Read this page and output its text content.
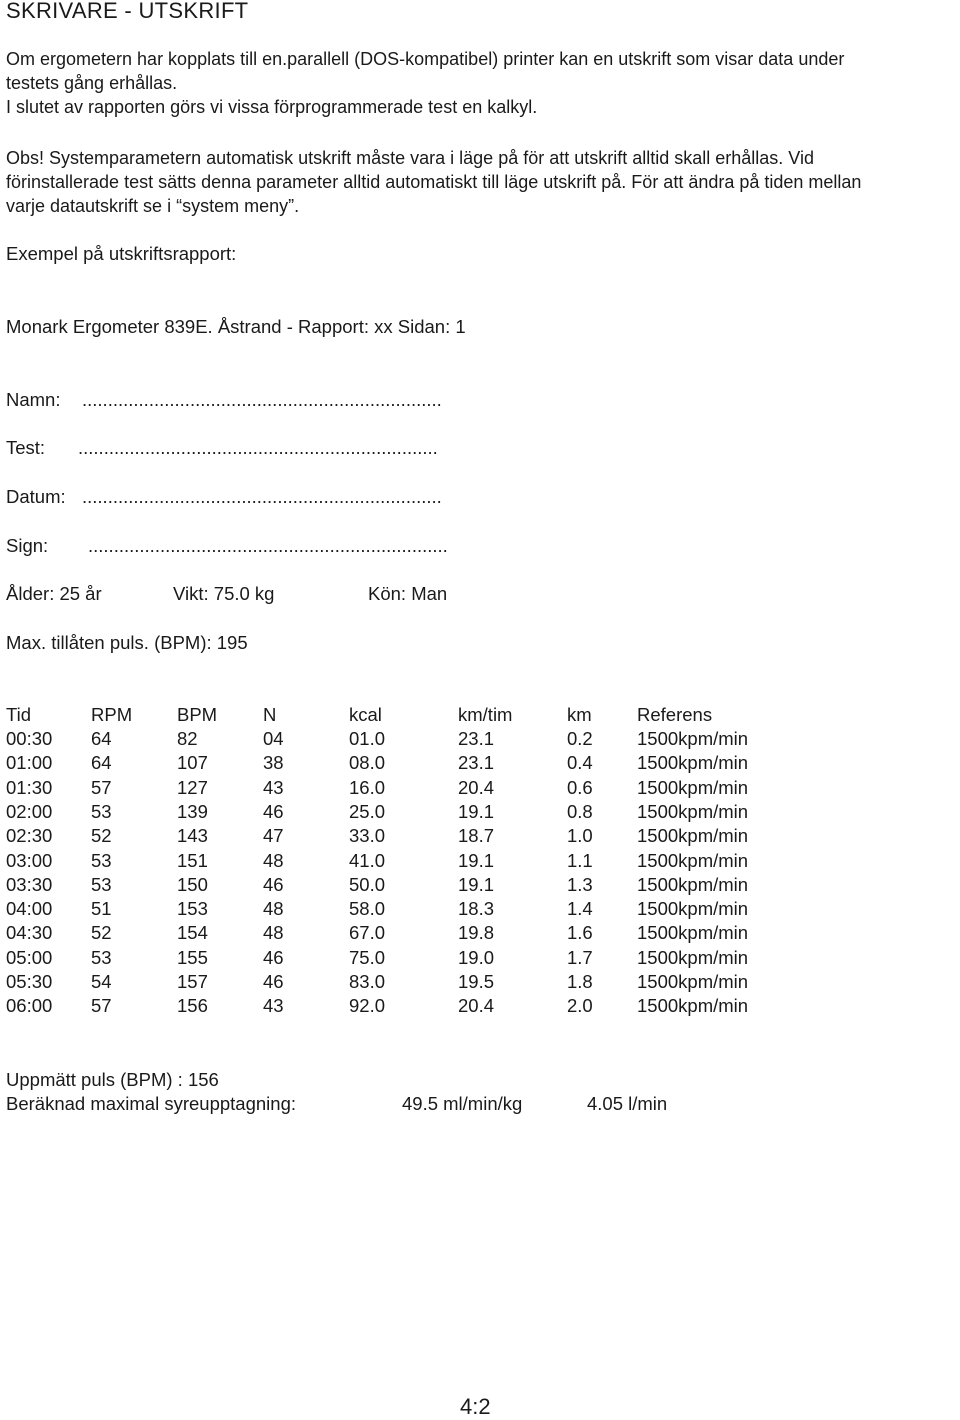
SKRIVARE - UTSKRIFT
Om ergometern har kopplats till en.parallell (DOS-kompatibel) printer kan en utskrift som visar data under
testets gång erhållas.
I slutet av rapporten görs vi vissa förprogrammerade test en kalkyl.
Obs! Systemparametern automatisk utskrift måste vara i läge på för att utskrift alltid skall erhållas. Vid
förinstallerade test sätts denna parameter alltid automatiskt till läge utskrift på. För att ändra på tiden mellan
varje datautskrift se i “system meny”.
Exempel på utskriftsrapport:
Monark Ergometer 839E. Åstrand - Rapport: xx Sidan: 1
Namn: ......................................................................
Test: ......................................................................
Datum: ......................................................................
Sign: ......................................................................
Ålder: 25 år	Vikt: 75.0 kg	Kön: Man
Max. tillåten puls. (BPM): 195
Tid	RPM BPM N	kcal	km/tim	km Referens
00:30 64	82	04	01.0	23.1	0.2 1500kpm/min
01:00 64	107	38	08.0	23.1	0.4 1500kpm/min
01:30 57	127	43	16.0	20.4	0.6 1500kpm/min
02:00 53	139	46	25.0	19.1	0.8 1500kpm/min
02:30 52	143	47	33.0	18.7	1.0 1500kpm/min
03:00 53	151	48	41.0	19.1	1.1 1500kpm/min
03:30 53	150	46	50.0	19.1	1.3 1500kpm/min
04:00 51	153	48	58.0	18.3	1.4 1500kpm/min
04:30 52	154	48	67.0	19.8	1.6 1500kpm/min
05:00 53	155	46	75.0	19.0	1.7 1500kpm/min
05:30 54	157	46	83.0	19.5	1.8 1500kpm/min
06:00 57	156	43	92.0	20.4	2.0 1500kpm/min
Uppmätt puls (BPM) : 156
Beräknad maximal syreupptagning:	49.5 ml/min/kg	4.05 l/min
4:2
